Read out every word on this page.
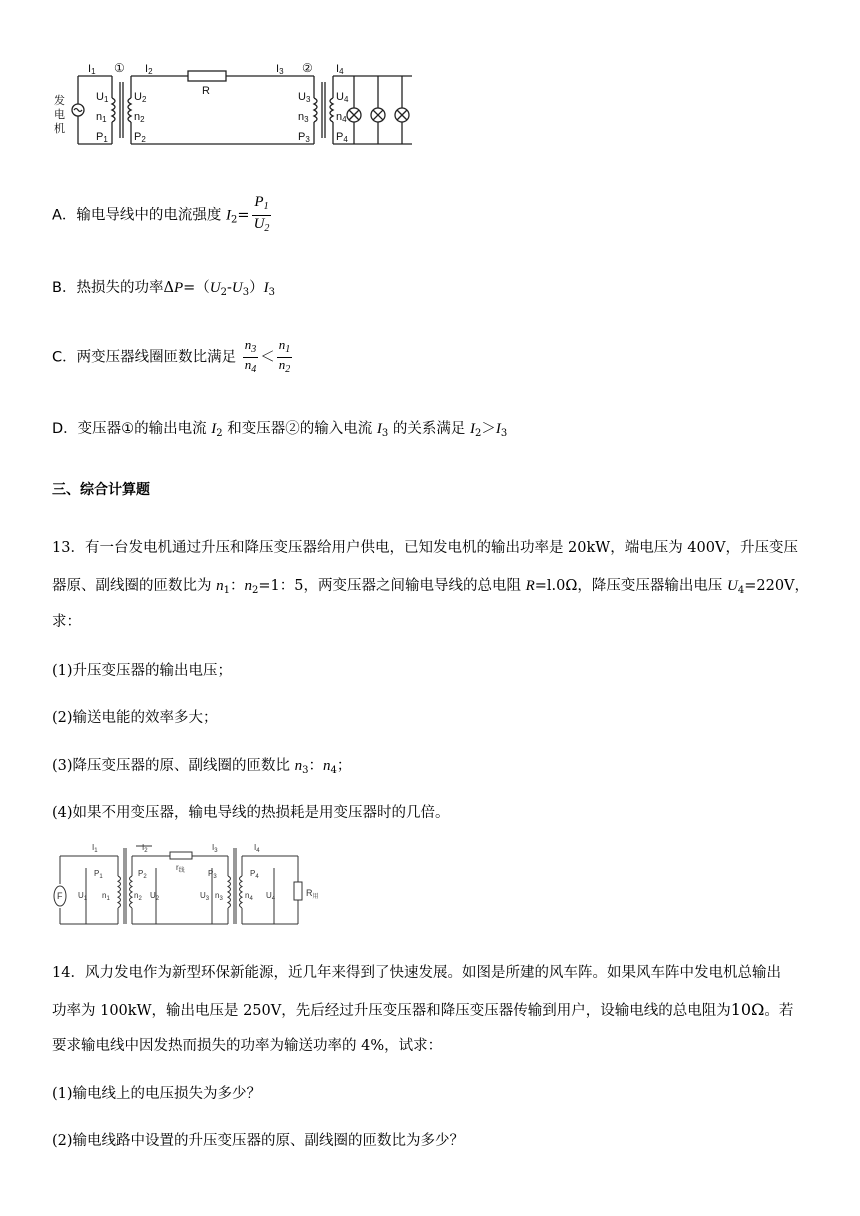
发
电
机
I1 ① I2
R
I3 ② I4
U1
n1
P1
U2
n2
P2
U3
n3
P3
U4
n4
P4
A．输电导线中的电流强度 $I_2= \frac{P_1}{U_2}$
B．热损失的功率$\Delta P=(U_2-U_3)I_3$
C．两变压器线圈匝数比满足 $\frac{n_3}{n_4} < \frac{n_1}{n_2}$
D．变压器①的输出电流 $I_2$ 和变压器②的输入电流 $I_3$ 的关系满足 $I_2>I_3$
三、综合计算题
13．有一台发电机通过升压和降压变压器给用户供电，已知发电机的输出功率是 20kW，端电压为 400V，升压变压
器原、副线圈的匝数比为 $n_1$：$n_2=1$：5，两变压器之间输电导线的总电阻 R=l.0Ω，降压变压器输出电压 $U_4=220V$，
求：
(1)升压变压器的输出电压；
(2)输送电能的效率多大；
(3)降压变压器的原、副线圈的匝数比 $n_3$：$n_4$；
(4)如果不用变压器，输电导线的热损耗是用变压器时的几倍。
$I_1$	$I_2$
$r_线$
$I_3$	$I_4$
F
$P_1$
$U_1$ $n_1$
$P_2$
$n_2$ $U_2$
$P_3$
$U_3$ $n_3$
$P_4$
$n_4$ $U_4$
$R_用$
14．风力发电作为新型环保新能源，近几年来得到了快速发展。如图是所建的风车阵。如果风车阵中发电机总输出
功率为 100kW，输出电压是 250V，先后经过升压变压器和降压变压器传输到用户，设输电线的总电阻为10Ω。若
要求输电线中因发热而损失的功率为输送功率的 4%，试求：
(1)输电线上的电压损失为多少？
(2)输电线路中设置的升压变压器的原、副线圈的匝数比为多少？
